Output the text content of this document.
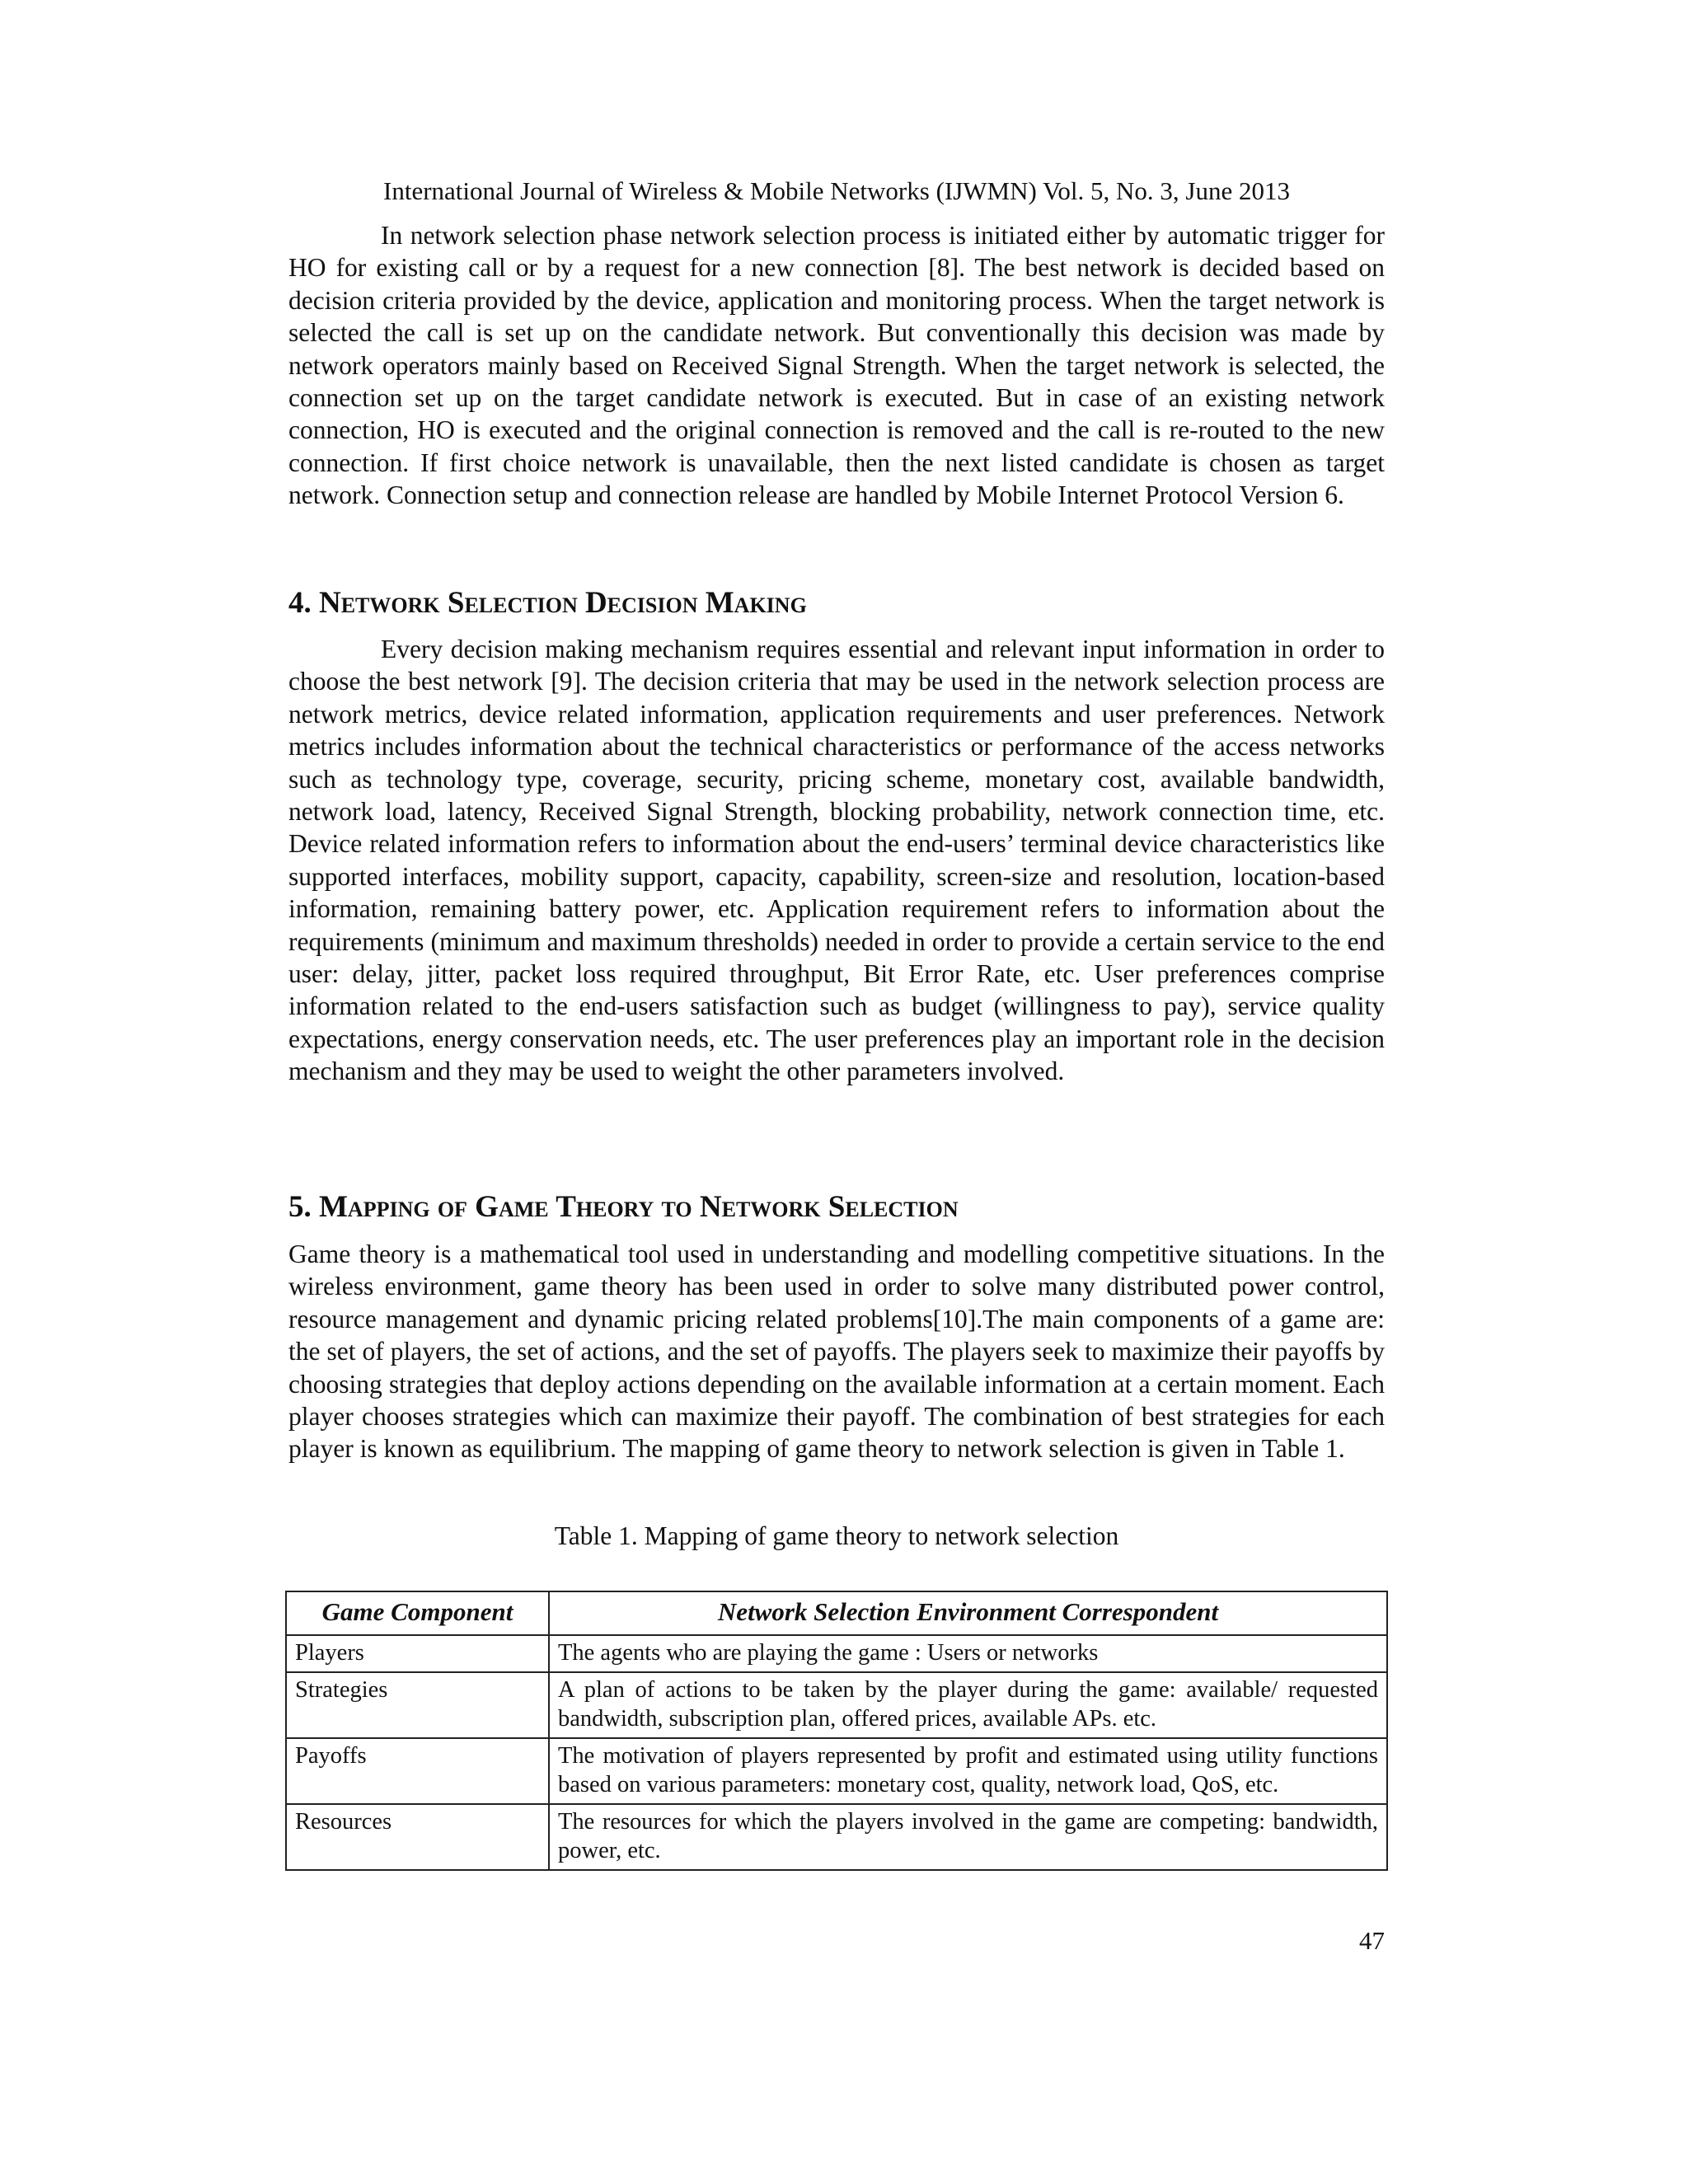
International Journal of Wireless & Mobile Networks (IJWMN) Vol. 5, No. 3, June 2013

In network selection phase network selection process is initiated either by automatic trigger for HO for existing call or by a request for a new connection [8]. The best network is decided based on decision criteria provided by the device, application and monitoring process. When the target network is selected the call is set up on the candidate network. But conventionally this decision was made by network operators mainly based on Received Signal Strength. When the target network is selected, the connection set up on the target candidate network is executed. But in case of an existing network connection, HO is executed and the original connection is removed and the call is re-routed to the new connection. If first choice network is unavailable, then the next listed candidate is chosen as target network. Connection setup and connection release are handled by Mobile Internet Protocol Version 6.

4. Network Selection Decision Making

Every decision making mechanism requires essential and relevant input information in order to choose the best network [9]. The decision criteria that may be used in the network selection process are network metrics, device related information, application requirements and user preferences. Network metrics includes information about the technical characteristics or performance of the access networks such as technology type, coverage, security, pricing scheme, monetary cost, available bandwidth, network load, latency, Received Signal Strength, blocking probability, network connection time, etc. Device related information refers to information about the end-users’ terminal device characteristics like supported interfaces, mobility support, capacity, capability, screen-size and resolution, location-based information, remaining battery power, etc. Application requirement refers to information about the requirements (minimum and maximum thresholds) needed in order to provide a certain service to the end user: delay, jitter, packet loss required throughput, Bit Error Rate, etc. User preferences comprise information related to the end-users satisfaction such as budget (willingness to pay), service quality expectations, energy conservation needs, etc. The user preferences play an important role in the decision mechanism and they may be used to weight the other parameters involved.

5. Mapping of Game Theory to Network Selection

Game theory is a mathematical tool used in understanding and modelling competitive situations. In the wireless environment, game theory has been used in order to solve many distributed power control, resource management and dynamic pricing related problems[10].The main components of a game are: the set of players, the set of actions, and the set of payoffs. The players seek to maximize their payoffs by choosing strategies that deploy actions depending on the available information at a certain moment. Each player chooses strategies which can maximize their payoff. The combination of best strategies for each player is known as equilibrium. The mapping of game theory to network selection is given in Table 1.

Table 1. Mapping of game theory to network selection
Game Component	Network Selection Environment Correspondent
Players	The agents who are playing the game : Users or networks
Strategies	A plan of actions to be taken by the player during the game: available/ requested bandwidth, subscription plan, offered prices, available APs. etc.
Payoffs	The motivation of players represented by profit and estimated using utility functions based on various parameters: monetary cost, quality, network load, QoS, etc.
Resources	The resources for which the players involved in the game are competing: bandwidth, power, etc.
47
